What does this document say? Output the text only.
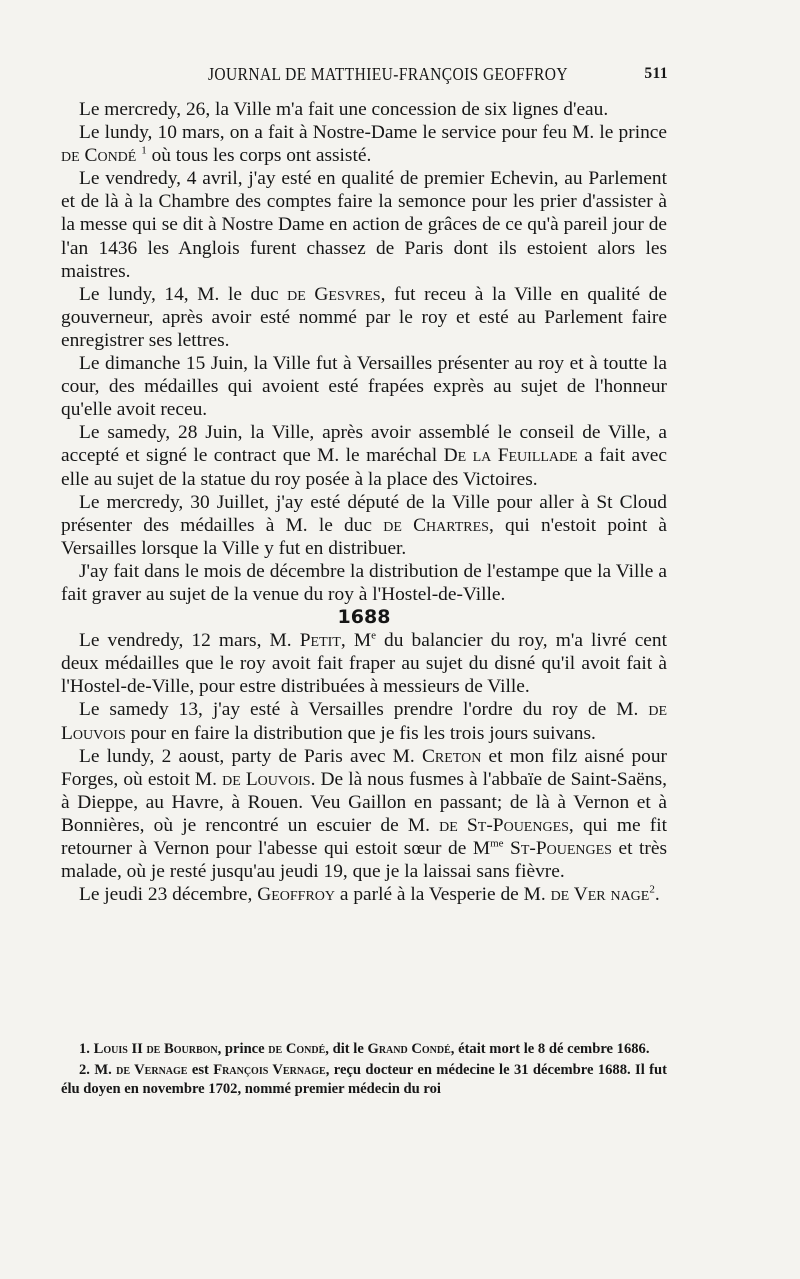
JOURNAL DE MATTHIEU-FRANÇOIS GEOFFROY	511

Le mercredy, 26, la Ville m'a fait une concession de six lignes d'eau.

Le lundy, 10 mars, on a fait à Nostre-Dame le service pour feu M. le prince de Condé $^1$ où tous les corps ont assisté.

Le vendredy, 4 avril, j'ay esté en qualité de premier Echevin, au Parlement et de là à la Chambre des comptes faire la semonce pour les prier d'assister à la messe qui se dit à Nostre Dame en action de grâces de ce qu'à pareil jour de l'an 1436 les Anglois furent chassez de Paris dont ils estoient alors les maistres.

Le lundy, 14, M. le duc de Gesvres, fut receu à la Ville en qualité de gouverneur, après avoir esté nommé par le roy et esté au Parlement faire enregistrer ses lettres.

Le dimanche 15 Juin, la Ville fut à Versailles présenter au roy et à toutte la cour, des médailles qui avoient esté frapées exprès au sujet de l'honneur qu'elle avoit receu.

Le samedy, 28 Juin, la Ville, après avoir assemblé le conseil de Ville, a accepté et signé le contract que M. le maréchal De la Feuillade a fait avec elle au sujet de la statue du roy posée à la place des Victoires.

Le mercredy, 30 Juillet, j'ay esté député de la Ville pour aller à St Cloud présenter des médailles à M. le duc de Chartres, qui n'estoit point à Versailles lorsque la Ville y fut en distribuer.

J'ay fait dans le mois de décembre la distribution de l'estampe que la Ville a fait graver au sujet de la venue du roy à l'Hostel-de-Ville.

1688

Le vendredy, 12 mars, M. Petit, Me du balancier du roy, m'a livré cent deux médailles que le roy avoit fait fraper au sujet du disné qu'il avoit fait à l'Hostel-de-Ville, pour estre distribuées à messieurs de Ville.

Le samedy 13, j'ay esté à Versailles prendre l'ordre du roy de M. de Louvois pour en faire la distribution que je fis les trois jours suivans.

Le lundy, 2 aoust, party de Paris avec M. Creton et mon filz aisné pour Forges, où estoit M. de Louvois. De là nous fusmes à l'abbaïe de Saint-Saëns, à Dieppe, au Havre, à Rouen. Veu Gaillon en passant; de là à Vernon et à Bonnières, où je rencontré un escuier de M. de St-Pouenges, qui me fit retourner à Vernon pour l'abesse qui estoit sœur de $M^{me}$ St-Pouenges et très malade, où je resté jusqu'au jeudi 19, que je la laissai sans fièvre.

Le jeudi 23 décembre, Geoffroy a parlé à la Vesperie de M. de Ver nage$^2$.

1. Louis II de Bourbon, prince de Condé, dit le Grand Condé, était mort le 8 dé cembre 1686.

2. M. de Vernage est François Vernage, reçu docteur en médecine le 31 décembre 1688. Il fut élu doyen en novembre 1702, nommé premier médecin du roi
